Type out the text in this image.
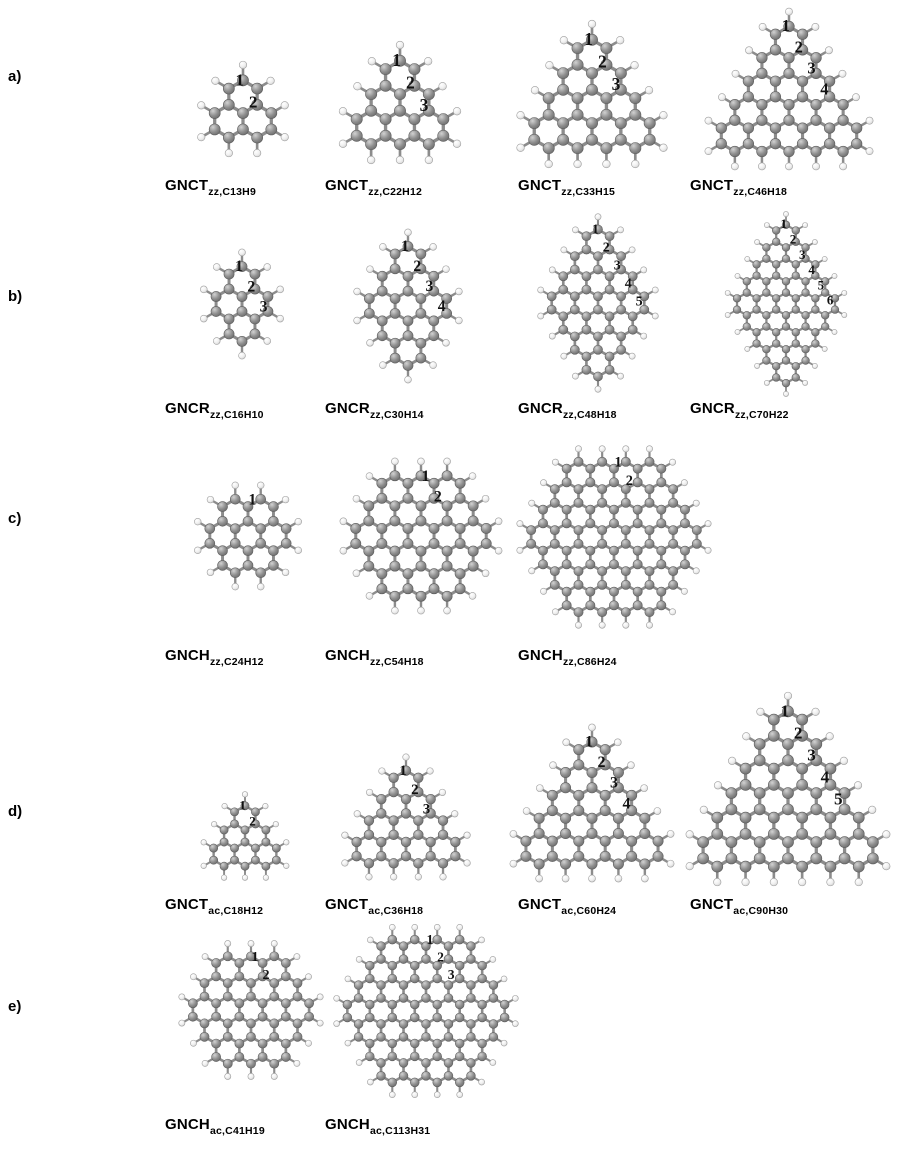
a)
b)
c)
d)
e)
1
2
$GNCT_{zz,C13H9}$
1
2
3
$GNCT_{zz,C22H12}$
1
2
3
$GNCT_{zz,C33H15}$
1
2
3
4
$GNCT_{zz,C46H18}$
1
2
3
$GNCR_{zz,C16H10}$
1
2
3
4
$GNCR_{zz,C30H14}$
1
2
3
4
5
$GNCR_{zz,C48H18}$
1
2
3
4
5
6
$GNCR_{zz,C70H22}$
1
$GNCH_{zz,C24H12}$
1
2
$GNCH_{zz,C54H18}$
1
2
$GNCH_{zz,C86H24}$
1
2
$GNCT_{ac,C18H12}$
1
2
3
$GNCT_{ac,C36H18}$
1
2
3
4
$GNCT_{ac,C60H24}$
1
2
3
4
5
$GNCT_{ac,C90H30}$
1
2
$GNCH_{ac,C41H19}$
1
2
3
$GNCH_{ac,C113H31}$
